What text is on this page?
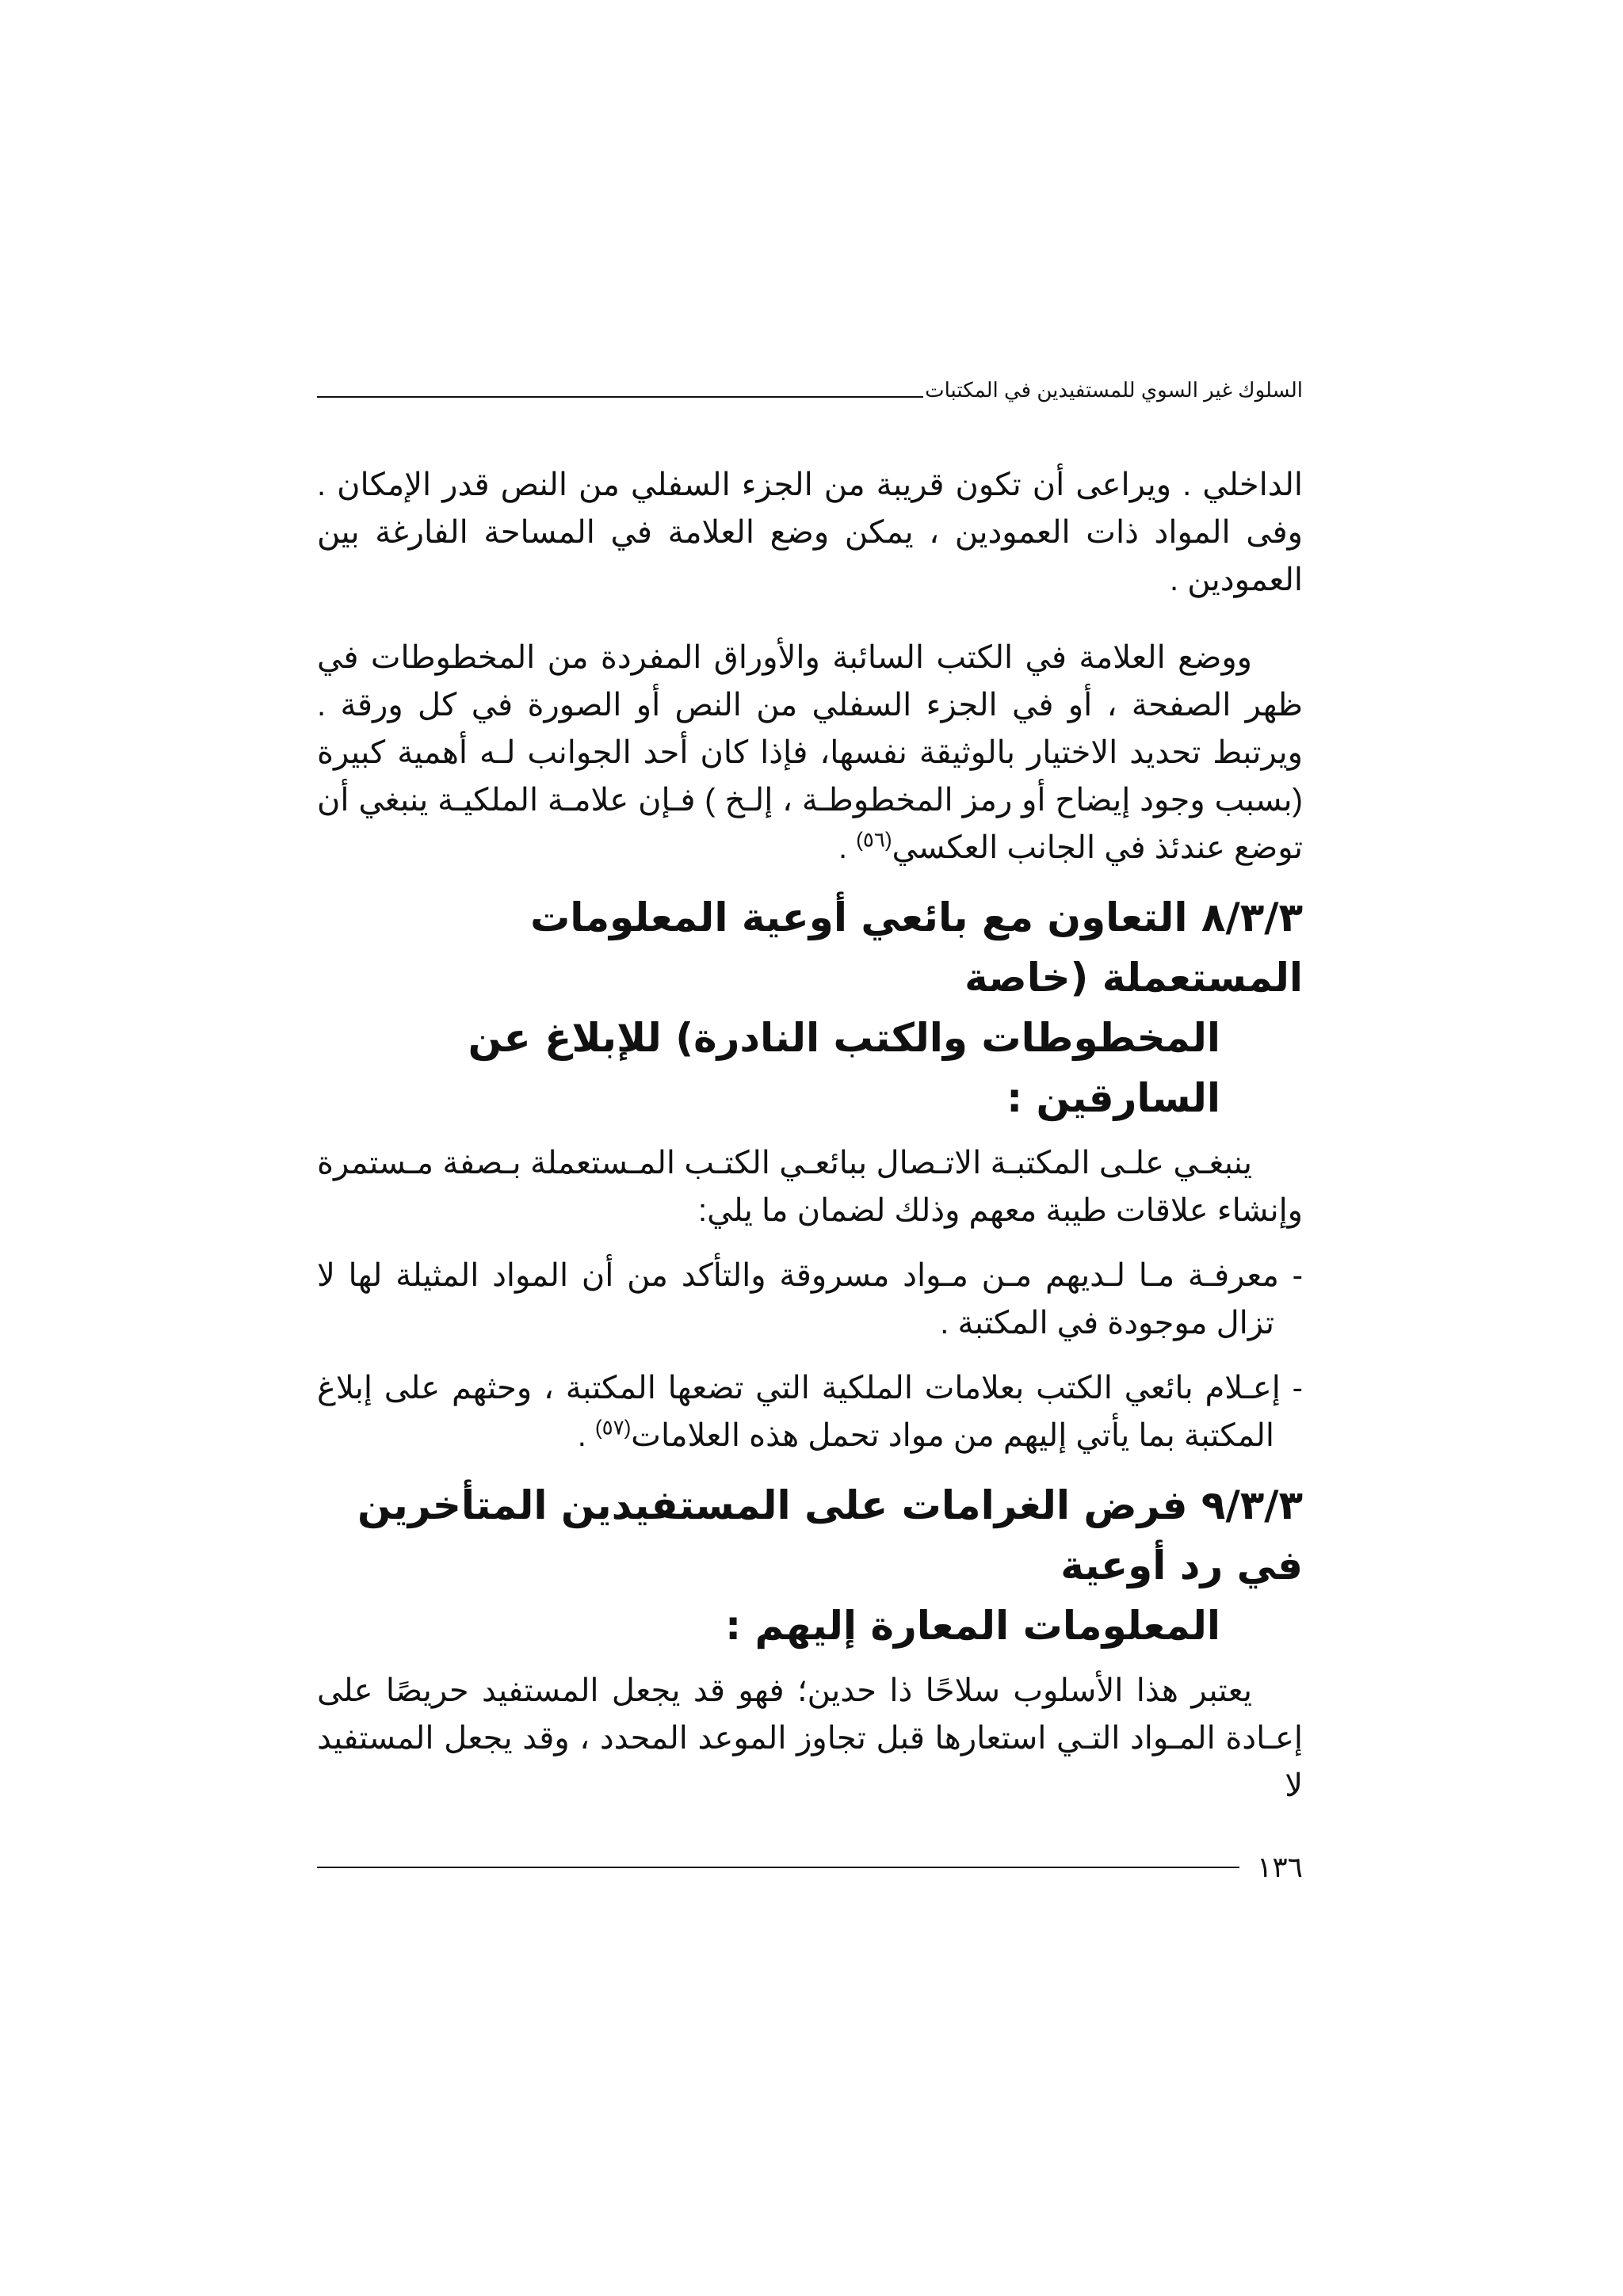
السلوك غير السوي للمستفيدين في المكتبات

الداخلي . ويراعى أن تكون قريبة من الجزء السفلي من النص قدر الإمكان . وفى المواد ذات العمودين ، يمكن وضع العلامة في المساحة الفارغة بين العمودين .

ووضع العلامة في الكتب السائبة والأوراق المفردة من المخطوطات في ظهر الصفحة ، أو في الجزء السفلي من النص أو الصورة في كل ورقة . ويرتبط تحديد الاختيار بالوثيقة نفسها، فإذا كان أحد الجوانب لـه أهمية كبيرة (بسبب وجود إيضاح أو رمز المخطوطـة ، إلـخ ) فـإن علامـة الملكيـة ينبغي أن توضع عندئذ في الجانب العكسي$^{(٥٦)}$ .

٨/٣/٣ التعاون مع بائعي أوعية المعلومات المستعملة (خاصة
المخطوطات والكتب النادرة) للإبلاغ عن السارقين :

ينبغـي علـى المكتبـة الاتـصال ببائعـي الكتـب المـستعملة بـصفة مـستمرة وإنشاء علاقات طيبة معهم وذلك لضمان ما يلي:

- معرفـة مـا لـديهم مـن مـواد مسروقة والتأكد من أن المواد المثيلة لها لا تزال موجودة في المكتبة .

- إعـلام بائعي الكتب بعلامات الملكية التي تضعها المكتبة ، وحثهم على إبلاغ المكتبة بما يأتي إليهم من مواد تحمل هذه العلامات$^{(٥٧)}$ .

٩/٣/٣ فرض الغرامات على المستفيدين المتأخرين في رد أوعية
المعلومات المعارة إليهم :

يعتبر هذا الأسلوب سلاحًا ذا حدين؛ فهو قد يجعل المستفيد حريصًا على إعـادة المـواد التـي استعارها قبل تجاوز الموعد المحدد ، وقد يجعل المستفيد لا

١٣٦
